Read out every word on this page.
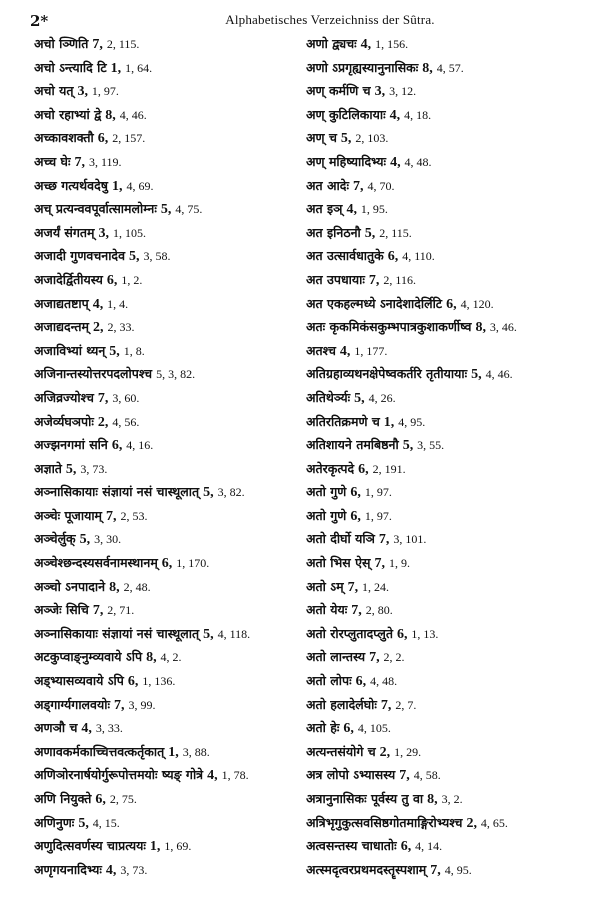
2*	Alphabetisches Verzeichniss der Sûtra.
अचो ञ्णिति 7, 2, 115.
अचो ऽन्त्यादि टि 1, 1, 64.
अचो यत् 3, 1, 97.
अचो रहाभ्यां द्वे 8, 4, 46.
अच्कावशक्तौ 6, 2, 157.
अच्च घेः 7, 3, 119.
अच्छ गत्यर्थवदेषु 1, 4, 69.
अच् प्रत्यन्ववपूर्वात्सामलोम्नः 5, 4, 75.
अजर्यं संगतम् 3, 1, 105.
अजादी गुणवचनादेव 5, 3, 58.
अजादेर्द्वितीयस्य 6, 1, 2.
अजाद्यतष्टाप् 4, 1, 4.
अजाद्यदन्तम् 2, 2, 33.
अजाविभ्यां थ्यन् 5, 1, 8.
अजिनान्तस्योत्तरपदलोपश्च 5, 3, 82.
अजिव्रज्योश्च 7, 3, 60.
अजेर्व्यघञपोः 2, 4, 56.
अज्झनगमां सनि 6, 4, 16.
अज्ञाते 5, 3, 73.
अञ्नासिकायाः संज्ञायां नसं चास्थूलात् 5, 3, 82.
अञ्चेः पूजायाम् 7, 2, 53.
अञ्चेर्लुक् 5, 3, 30.
अञ्चेश्छन्दस्यसर्वनामस्थानम् 6, 1, 170.
अञ्चो ऽनपादाने 8, 2, 48.
अञ्जेः सिचि 7, 2, 71.
अञ्नासिकायाः संज्ञायां नसं चास्थूलात् 5, 4, 118.
अटकुप्वाङ्नुम्व्यवाये ऽपि 8, 4, 2.
अड्भ्यासव्यवाये ऽपि 6, 1, 136.
अड्गार्ग्यगालवयोः 7, 3, 99.
अणञौ च 4, 3, 33.
अणावकर्मकाच्चित्तवत्कर्तृकात् 1, 3, 88.
अणिञोरनार्षयोर्गुरूपोत्तमयोः ष्यङ् गोत्रे 4, 1, 78.
अणि नियुक्ते 6, 2, 75.
अणिनुणः 5, 4, 15.
अणुदित्सवर्णस्य चाप्रत्ययः 1, 1, 69.
अणृगयनादिभ्यः 4, 3, 73.
अणो द्व्यचः 4, 1, 156.
अणो ऽप्रगृह्यस्यानुनासिकः 8, 4, 57.
अण् कर्मणि च 3, 3, 12.
अण् कुटिलिकायाः 4, 4, 18.
अण् च 5, 2, 103.
अण् महिष्यादिभ्यः 4, 4, 48.
अत आदेः 7, 4, 70.
अत इञ् 4, 1, 95.
अत इनिठनौ 5, 2, 115.
अत उत्सार्वधातुके 6, 4, 110.
अत उपधायाः 7, 2, 116.
अत एकहल्मध्ये ऽनादेशादेर्लिटि 6, 4, 120.
अतः कृकमिकंसकुम्भपात्रकुशाकर्णीष्व 8, 3, 46.
अतश्च 4, 1, 177.
अतिग्रहाव्यथनक्षेपेष्वकर्तरि तृतीयायाः 5, 4, 46.
अतिथेर्ञ्यः 5, 4, 26.
अतिरतिक्रमणे च 1, 4, 95.
अतिशायने तमबिष्ठनौ 5, 3, 55.
अतेरकृत्पदे 6, 2, 191.
अतो गुणे 6, 1, 97.
अतो गुणे 6, 1, 97.
अतो दीर्घो यञि 7, 3, 101.
अतो भिस ऐस् 7, 1, 9.
अतो ऽम् 7, 1, 24.
अतो येयः 7, 2, 80.
अतो रोरप्लुतादप्लुते 6, 1, 13.
अतो लान्तस्य 7, 2, 2.
अतो लोपः 6, 4, 48.
अतो हलादेर्लघोः 7, 2, 7.
अतो हेः 6, 4, 105.
अत्यन्तसंयोगे च 2, 1, 29.
अत्र लोपो ऽभ्यासस्य 7, 4, 58.
अत्रानुनासिकः पूर्वस्य तु वा 8, 3, 2.
अत्रिभृगुकुत्सवसिष्ठगोतमाङ्गिरोभ्यश्च 2, 4, 65.
अत्वसन्तस्य चाधातोः 6, 4, 14.
अत्स्मदृत्वरप्रथमदस्तॄस्पशाम् 7, 4, 95.
